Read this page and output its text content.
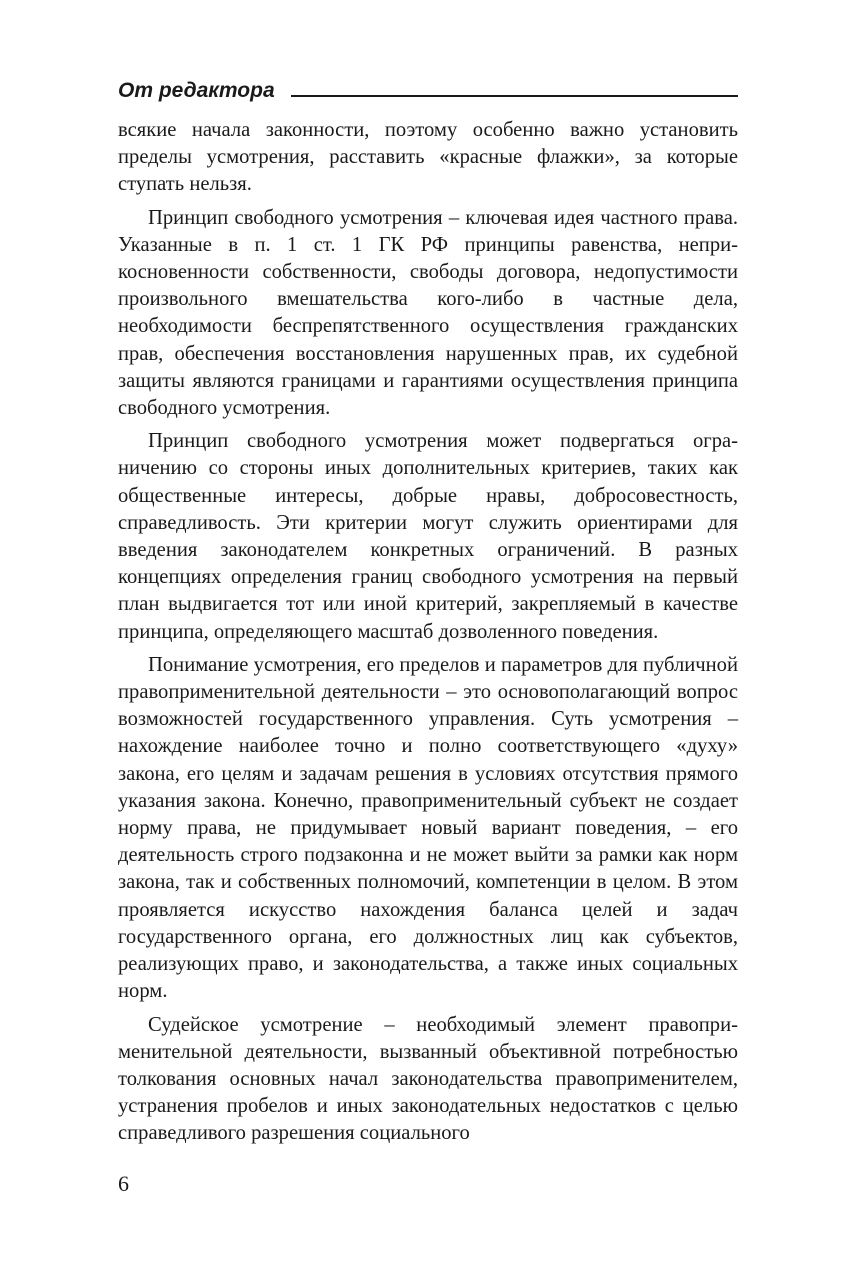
От редактора

всякие начала законности, поэтому особенно важно установить пределы усмотрения, расставить «красные флажки», за которые ступать нельзя.

Принцип свободного усмотрения – ключевая идея частного права. Указанные в п. 1 ст. 1 ГК РФ принципы равенства, неприкосновенности собственности, свободы договора, недопустимости произвольного вмешательства кого-либо в частные дела, необходимости беспрепятственного осуществления гражданских прав, обеспечения восстановления нарушенных прав, их судебной защиты являются границами и гарантиями осуществления принципа свободного усмотрения.

Принцип свободного усмотрения может подвергаться ограничению со стороны иных дополнительных критериев, таких как общественные интересы, добрые нравы, добросовестность, справедливость. Эти критерии могут служить ориентирами для введения законодателем конкретных ограничений. В разных концепциях определения границ свободного усмотрения на первый план выдвигается тот или иной критерий, закрепляемый в качестве принципа, определяющего масштаб дозволенного поведения.

Понимание усмотрения, его пределов и параметров для публичной правоприменительной деятельности – это основополагающий вопрос возможностей государственного управления. Суть усмотрения – нахождение наиболее точно и полно соответствующего «духу» закона, его целям и задачам решения в условиях отсутствия прямого указания закона. Конечно, правоприменительный субъект не создает норму права, не придумывает новый вариант поведения, – его деятельность строго подзаконна и не может выйти за рамки как норм закона, так и собственных полномочий, компетенции в целом. В этом проявляется искусство нахождения баланса целей и задач государственного органа, его должностных лиц как субъектов, реализующих право, и законодательства, а также иных социальных норм.

Судейское усмотрение – необходимый элемент правоприменительной деятельности, вызванный объективной потребностью толкования основных начал законодательства правоприменителем, устранения пробелов и иных законодательных недостатков с целью справедливого разрешения социального

6
